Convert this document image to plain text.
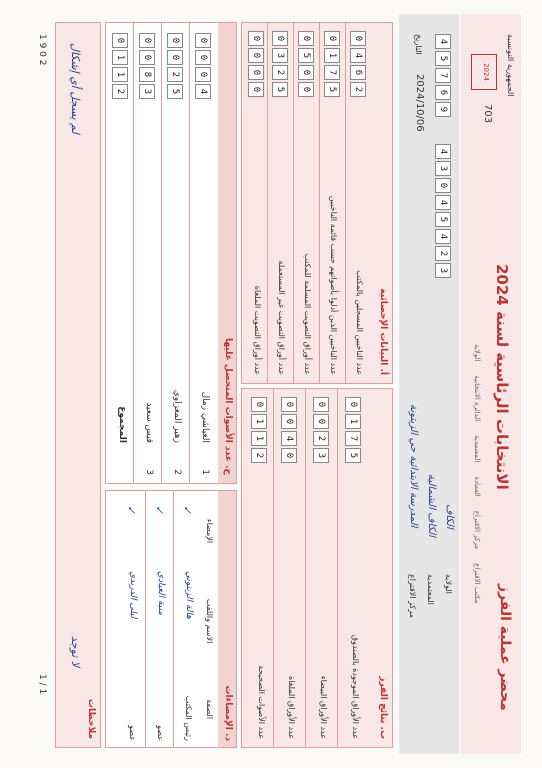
الجمهورية التونسية
الانتخابات الرئاسية لسنة 2024
محضر عملية الفرز
2024
703
الولاية
الدائرة الانتخابية
المعتمدية
العمادة
مركز الاقتراع
مكتب الاقتراع
الولاية
الكاف
المعتمدية
الكاف الشمالية
مركز الاقتراع
المدرسة الابتدائية حي الزيتونة
4
5
7
6
9
4
3
0
4
5
4
2
3
التاريخ
2024/10/06
أ. البيانات الإحصائية
عدد الناخبين المسجلين بالمكتب
0
4
6
2
عدد الناخبين الذين أدلوا بأصواتهم حسب قائمة الناخبين
0
1
7
5
عدد أوراق التصويت المسلمة للمكتب
0
5
0
0
عدد أوراق التصويت غير المستعملة
0
3
2
5
عدد أوراق التصويت الملغاة
0
0
0
0
ب. نتائج الفرز
عدد الأوراق الموجودة بالصندوق
0
1
7
5
عدد الأوراق البيضاء
0
0
2
3
عدد الأوراق الملغاة
0
0
4
0
عدد الأصوات الصحيحة
0
1
1
2
ج. عدد الأصوات المتحصل عليها
1
العياشي زمال
0
0
0
4
2
زهير المغزاوي
0
0
2
5
3
قيس سعيد
0
0
8
3
المجموع
0
1
1
2
د. الإمضاءات
الإمضاء
الاسم واللقب
الصفة
✓
هالة الزيتوني
رئيس المكتب
✓
منية العيادي
عضو
✓
ليلى الدريدي
عضو
ملاحظات
لا توجد
لم يسجل أي إشكال
1 9 0 2
1 / 1
